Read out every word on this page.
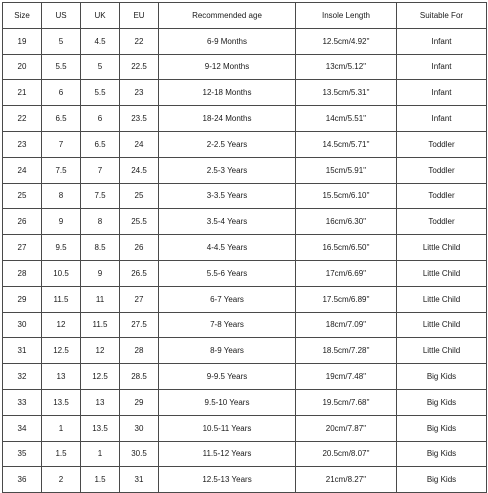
Size	US	UK	EU	Recommended age	Insole Length	Suitable For
19	5	4.5	22	6-9 Months	12.5cm/4.92''	Infant
20	5.5	5	22.5	9-12 Months	13cm/5.12''	Infant
21	6	5.5	23	12-18 Months	13.5cm/5.31''	Infant
22	6.5	6	23.5	18-24 Months	14cm/5.51''	Infant
23	7	6.5	24	2-2.5 Years	14.5cm/5.71''	Toddler
24	7.5	7	24.5	2.5-3 Years	15cm/5.91''	Toddler
25	8	7.5	25	3-3.5 Years	15.5cm/6.10''	Toddler
26	9	8	25.5	3.5-4 Years	16cm/6.30''	Toddler
27	9.5	8.5	26	4-4.5 Years	16.5cm/6.50''	Little Child
28	10.5	9	26.5	5.5-6 Years	17cm/6.69''	Little Child
29	11.5	11	27	6-7 Years	17.5cm/6.89''	Little Child
30	12	11.5	27.5	7-8 Years	18cm/7.09''	Little Child
31	12.5	12	28	8-9 Years	18.5cm/7.28''	Little Child
32	13	12.5	28.5	9-9.5 Years	19cm/7.48''	Big Kids
33	13.5	13	29	9.5-10 Years	19.5cm/7.68''	Big Kids
34	1	13.5	30	10.5-11 Years	20cm/7.87''	Big Kids
35	1.5	1	30.5	11.5-12 Years	20.5cm/8.07''	Big Kids
36	2	1.5	31	12.5-13 Years	21cm/8.27''	Big Kids
